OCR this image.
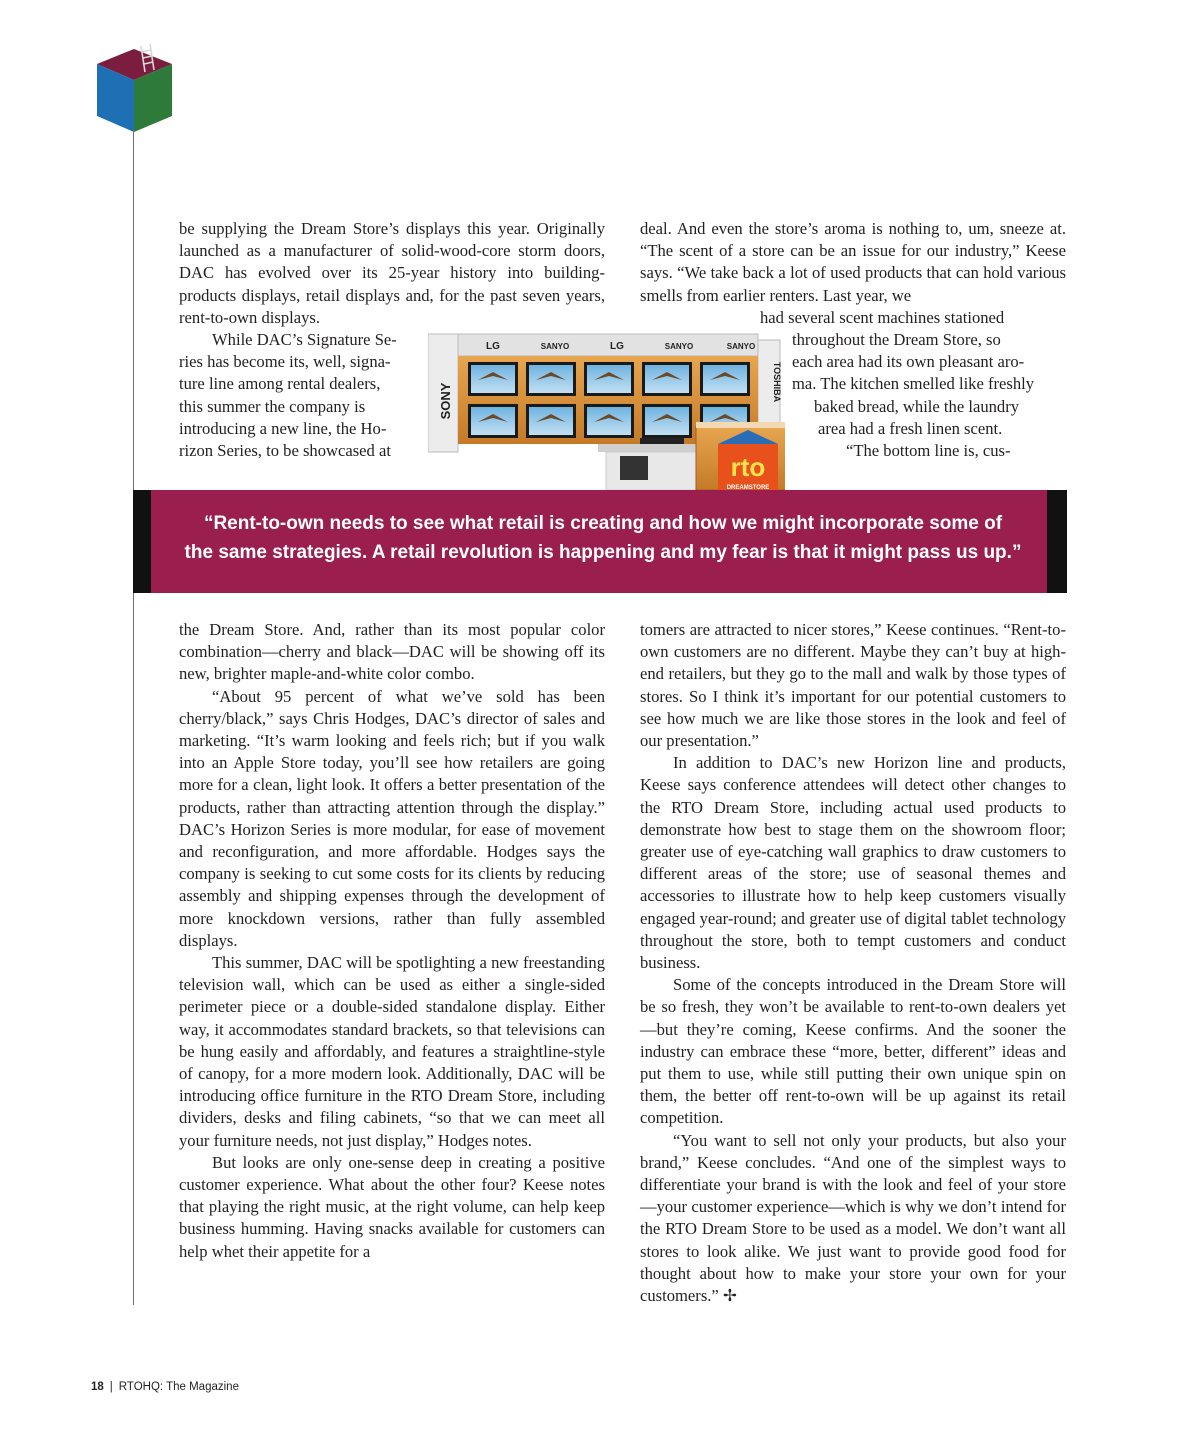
be supplying the Dream Store’s displays this year. Originally launched as a manufacturer of solid-wood-core storm doors, DAC has evolved over its 25-year history into building-products displays, retail displays and, for the past seven years, rent-to-own displays.

While DAC’s Signature Se-
ries has become its, well, signa-
ture line among rental dealers,
this summer the company is
introducing a new line, the Ho-
rizon Series, to be showcased at

deal. And even the store’s aroma is nothing to, um, sneeze at. “The scent of a store can be an issue for our industry,” Keese says. “We take back a lot of used products that can hold various smells from earlier renters. Last year, we

had several scent machines stationed
throughout the Dream Store, so
each area had its own pleasant aro-
ma. The kitchen smelled like freshly
baked bread, while the laundry
area had a fresh linen scent.
“The bottom line is, cus-
SONY	TOSHIBA
LG	SANYO	LG	SANYO	SANYO
rto
DREAMSTORE
“Rent-to-own needs to see what retail is creating and how we might incorporate some of
the same strategies. A retail revolution is happening and my fear is that it might pass us up.”

the Dream Store. And, rather than its most popular color combination—cherry and black—DAC will be showing off its new, brighter maple-and-white color combo.

“About 95 percent of what we’ve sold has been cherry/black,” says Chris Hodges, DAC’s director of sales and marketing. “It’s warm looking and feels rich; but if you walk into an Apple Store today, you’ll see how retailers are going more for a clean, light look. It offers a better presentation of the products, rather than attracting attention through the display.” DAC’s Horizon Series is more modular, for ease of movement and reconfiguration, and more affordable. Hodges says the company is seeking to cut some costs for its clients by reducing assembly and shipping expenses through the development of more knockdown versions, rather than fully assembled displays.

This summer, DAC will be spotlighting a new freestanding television wall, which can be used as either a single-sided perimeter piece or a double-sided standalone display. Either way, it accommodates standard brackets, so that televisions can be hung easily and affordably, and features a straightline-style of canopy, for a more modern look. Additionally, DAC will be introducing office furniture in the RTO Dream Store, including dividers, desks and filing cabinets, “so that we can meet all your furniture needs, not just display,” Hodges notes.

But looks are only one-sense deep in creating a positive customer experience. What about the other four? Keese notes that playing the right music, at the right volume, can help keep business humming. Having snacks available for customers can help whet their appetite for a

tomers are attracted to nicer stores,” Keese continues. “Rent-to-own customers are no different. Maybe they can’t buy at high-end retailers, but they go to the mall and walk by those types of stores. So I think it’s important for our potential customers to see how much we are like those stores in the look and feel of our presentation.”

In addition to DAC’s new Horizon line and products, Keese says conference attendees will detect other changes to the RTO Dream Store, including actual used products to demonstrate how best to stage them on the showroom floor; greater use of eye-catching wall graphics to draw customers to different areas of the store; use of seasonal themes and accessories to illustrate how to help keep customers visually engaged year-round; and greater use of digital tablet technology throughout the store, both to tempt customers and conduct business.

Some of the concepts introduced in the Dream Store will be so fresh, they won’t be available to rent-to-own dealers yet—but they’re coming, Keese confirms. And the sooner the industry can embrace these “more, better, different” ideas and put them to use, while still putting their own unique spin on them, the better off rent-to-own will be up against its retail competition.

“You want to sell not only your products, but also your brand,” Keese concludes. “And one of the simplest ways to differentiate your brand is with the look and feel of your store—your customer experience—which is why we don’t intend for the RTO Dream Store to be used as a model. We don’t want all stores to look alike. We just want to provide good food for thought about how to make your store your own for your customers.” ✢

18 | RTOHQ: The Magazine
